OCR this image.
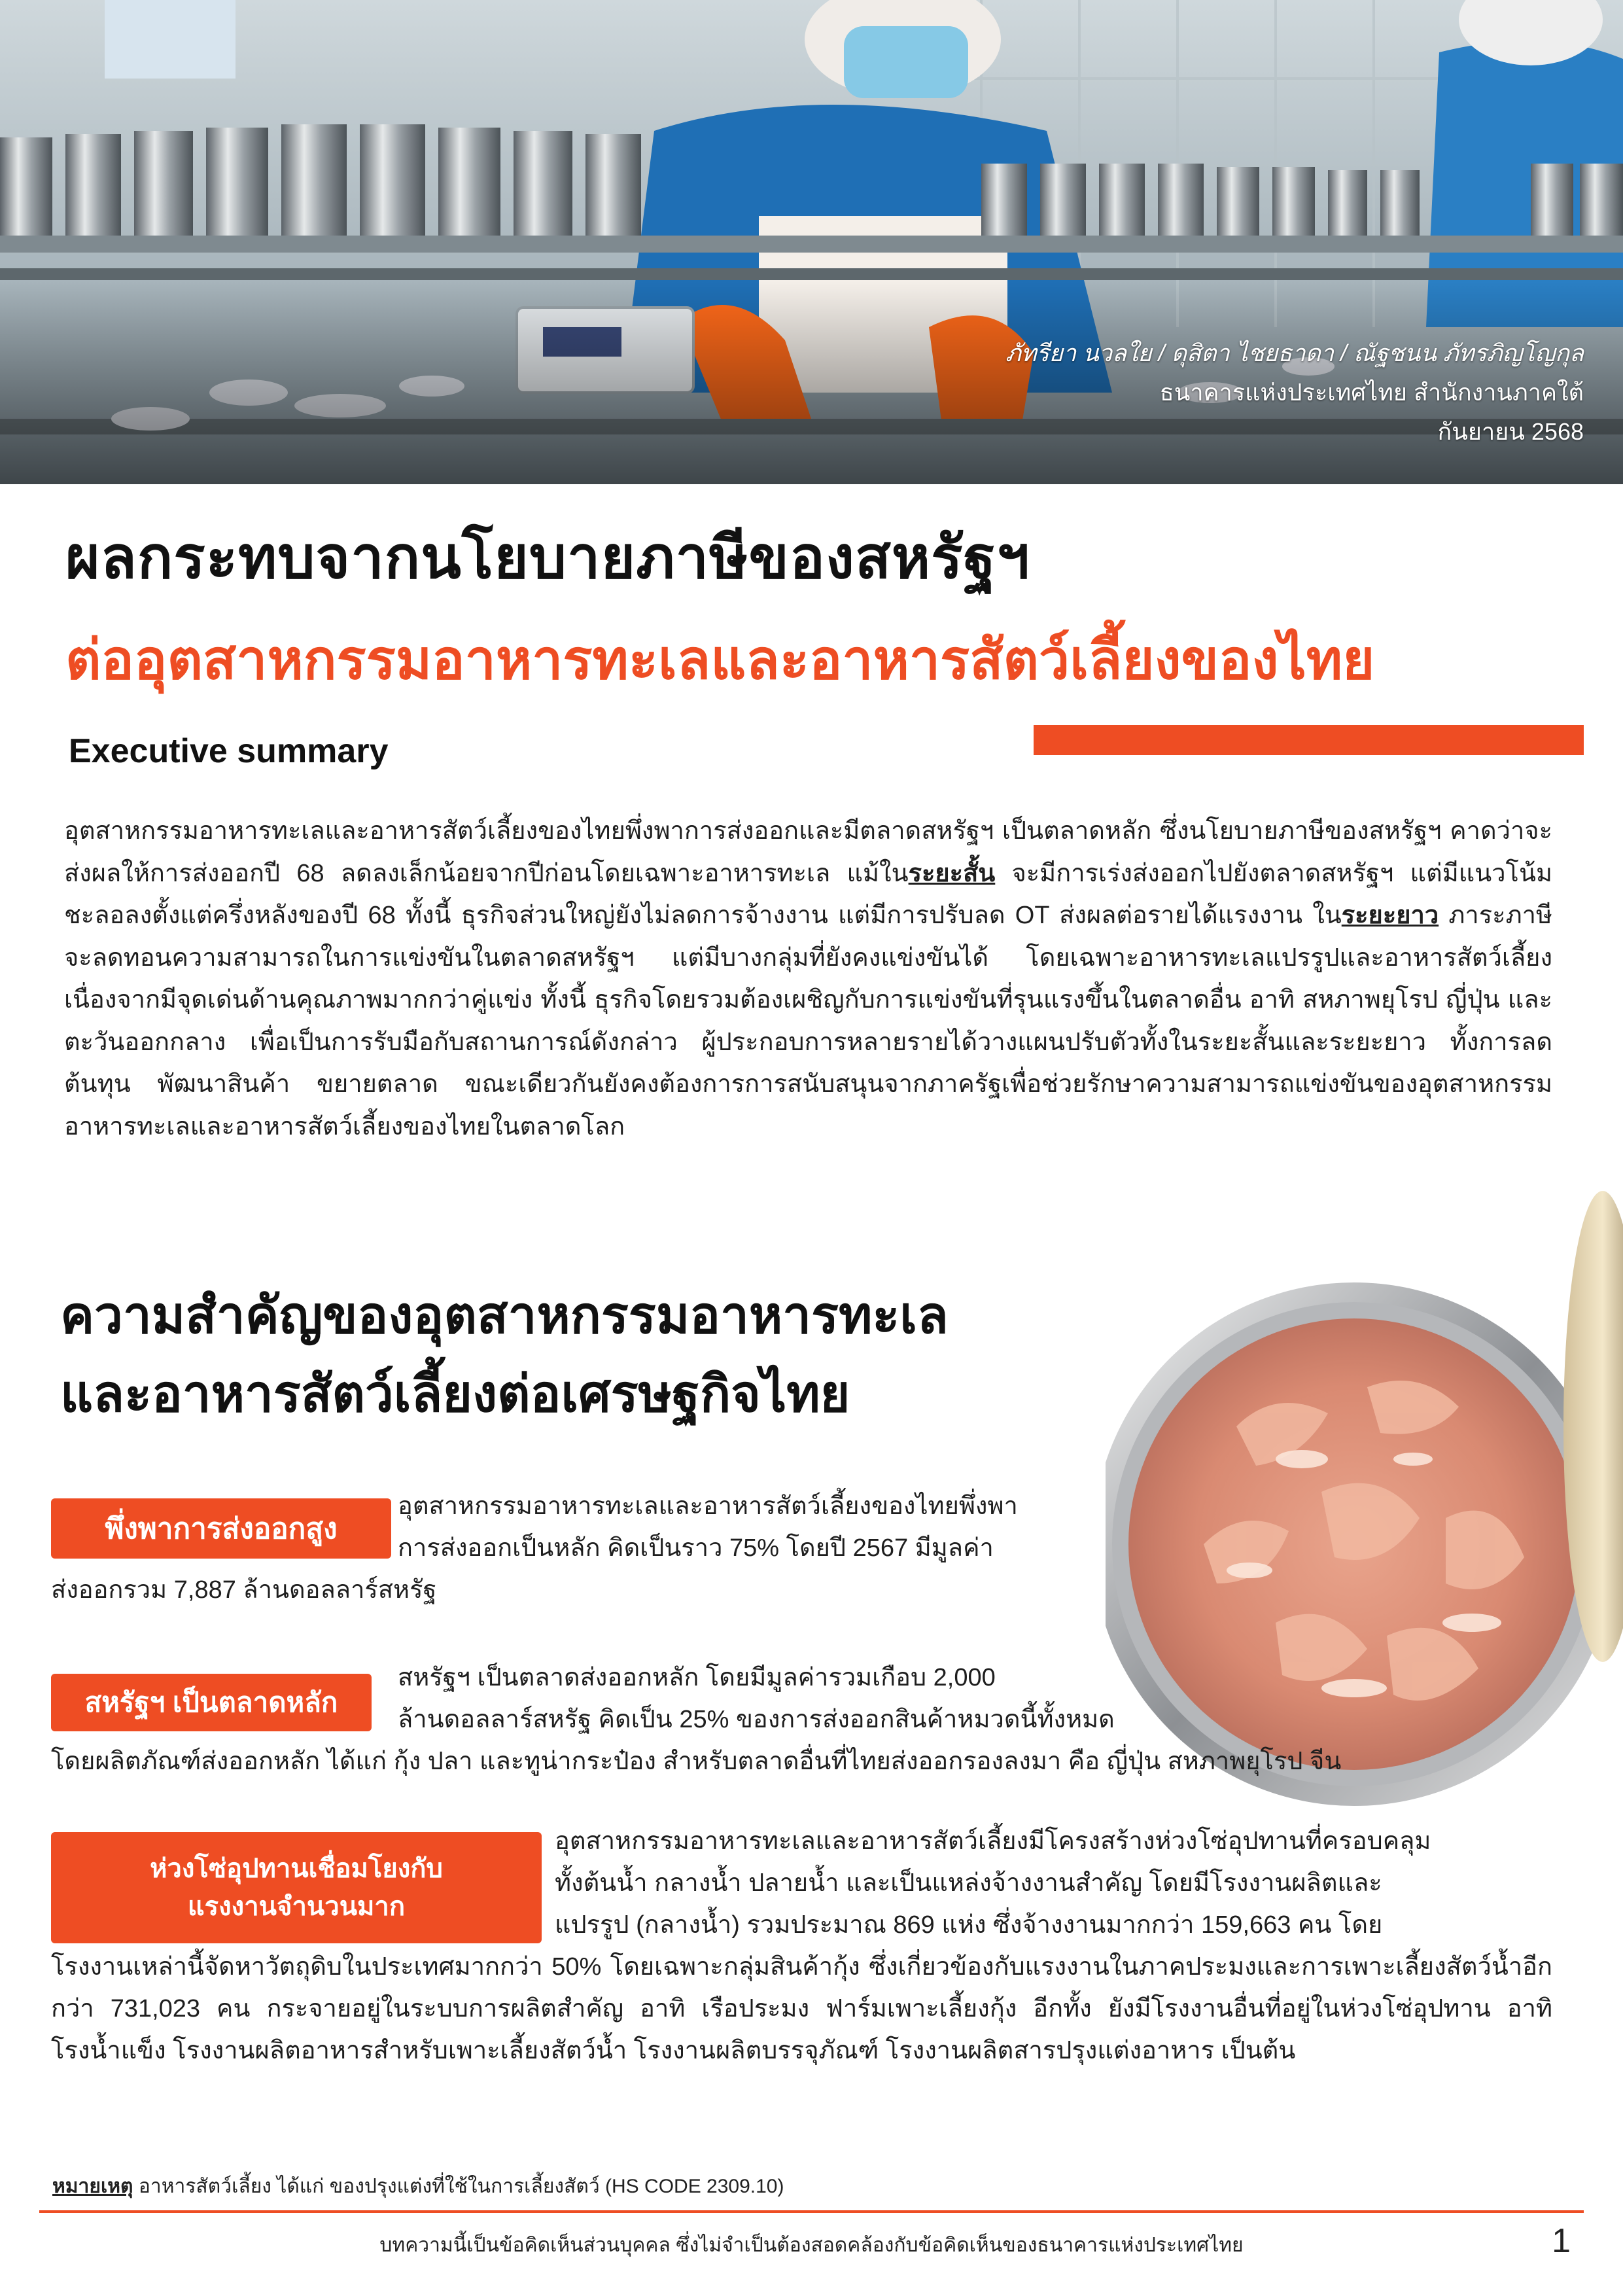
ภัทรียา นวลใย / ดุสิตา ไชยธาดา / ณัฐชนน ภัทรภิญโญกุล
ธนาคารแห่งประเทศไทย สำนักงานภาคใต้
กันยายน 2568
ผลกระทบจากนโยบายภาษีของสหรัฐฯ
ต่ออุตสาหกรรมอาหารทะเลและอาหารสัตว์เลี้ยงของไทย
Executive summary
อุตสาหกรรมอาหารทะเลและอาหารสัตว์เลี้ยงของไทยพึ่งพาการส่งออกและมีตลาดสหรัฐฯ เป็นตลาดหลัก ซึ่งนโยบายภาษีของสหรัฐฯ คาดว่าจะส่งผลให้การส่งออกปี 68 ลดลงเล็กน้อยจากปีก่อนโดยเฉพาะอาหารทะเล แม้ในระยะสั้น จะมีการเร่งส่งออกไปยังตลาดสหรัฐฯ แต่มีแนวโน้มชะลอลงตั้งแต่ครึ่งหลังของปี 68 ทั้งนี้ ธุรกิจส่วนใหญ่ยังไม่ลดการจ้างงาน แต่มีการปรับลด OT ส่งผลต่อรายได้แรงงาน ในระยะยาว ภาระภาษีจะลดทอนความสามารถในการแข่งขันในตลาดสหรัฐฯ แต่มีบางกลุ่มที่ยังคงแข่งขันได้ โดยเฉพาะอาหารทะเลแปรรูปและอาหารสัตว์เลี้ยง เนื่องจากมีจุดเด่นด้านคุณภาพมากกว่าคู่แข่ง ทั้งนี้ ธุรกิจโดยรวมต้องเผชิญกับการแข่งขันที่รุนแรงขึ้นในตลาดอื่น อาทิ สหภาพยุโรป ญี่ปุ่น และตะวันออกกลาง เพื่อเป็นการรับมือกับสถานการณ์ดังกล่าว ผู้ประกอบการหลายรายได้วางแผนปรับตัวทั้งในระยะสั้นและระยะยาว ทั้งการลดต้นทุน พัฒนาสินค้า ขยายตลาด ขณะเดียวกันยังคงต้องการการสนับสนุนจากภาครัฐเพื่อช่วยรักษาความสามารถแข่งขันของอุตสาหกรรมอาหารทะเลและอาหารสัตว์เลี้ยงของไทยในตลาดโลก
ความสำคัญของอุตสาหกรรมอาหารทะเล
และอาหารสัตว์เลี้ยงต่อเศรษฐกิจไทย
พึ่งพาการส่งออกสูง
อุตสาหกรรมอาหารทะเลและอาหารสัตว์เลี้ยงของไทยพึ่งพา
การส่งออกเป็นหลัก คิดเป็นราว 75% โดยปี 2567 มีมูลค่า
ส่งออกรวม 7,887 ล้านดอลลาร์สหรัฐ
สหรัฐฯ เป็นตลาดหลัก
สหรัฐฯ เป็นตลาดส่งออกหลัก โดยมีมูลค่ารวมเกือบ 2,000
ล้านดอลลาร์สหรัฐ คิดเป็น 25% ของการส่งออกสินค้าหมวดนี้ทั้งหมด
โดยผลิตภัณฑ์ส่งออกหลัก ได้แก่ กุ้ง ปลา และทูน่ากระป๋อง สำหรับตลาดอื่นที่ไทยส่งออกรองลงมา คือ ญี่ปุ่น สหภาพยุโรป จีน
ห่วงโซ่อุปทานเชื่อมโยงกับ
แรงงานจำนวนมาก
อุตสาหกรรมอาหารทะเลและอาหารสัตว์เลี้ยงมีโครงสร้างห่วงโซ่อุปทานที่ครอบคลุม
ทั้งต้นน้ำ กลางน้ำ ปลายน้ำ และเป็นแหล่งจ้างงานสำคัญ โดยมีโรงงานผลิตและ
แปรรูป (กลางน้ำ) รวมประมาณ 869 แห่ง ซึ่งจ้างงานมากกว่า 159,663 คน โดย
โรงงานเหล่านี้จัดหาวัตถุดิบในประเทศมากกว่า 50% โดยเฉพาะกลุ่มสินค้ากุ้ง ซึ่งเกี่ยวข้องกับแรงงานในภาคประมงและการเพาะเลี้ยงสัตว์น้ำอีกกว่า 731,023 คน กระจายอยู่ในระบบการผลิตสำคัญ อาทิ เรือประมง ฟาร์มเพาะเลี้ยงกุ้ง อีกทั้ง ยังมีโรงงานอื่นที่อยู่ในห่วงโซ่อุปทาน อาทิ โรงน้ำแข็ง โรงงานผลิตอาหารสำหรับเพาะเลี้ยงสัตว์น้ำ โรงงานผลิตบรรจุภัณฑ์ โรงงานผลิตสารปรุงแต่งอาหาร เป็นต้น
หมายเหตุ อาหารสัตว์เลี้ยง ได้แก่ ของปรุงแต่งที่ใช้ในการเลี้ยงสัตว์ (HS CODE 2309.10)
บทความนี้เป็นข้อคิดเห็นส่วนบุคคล ซึ่งไม่จำเป็นต้องสอดคล้องกับข้อคิดเห็นของธนาคารแห่งประเทศไทย	1
